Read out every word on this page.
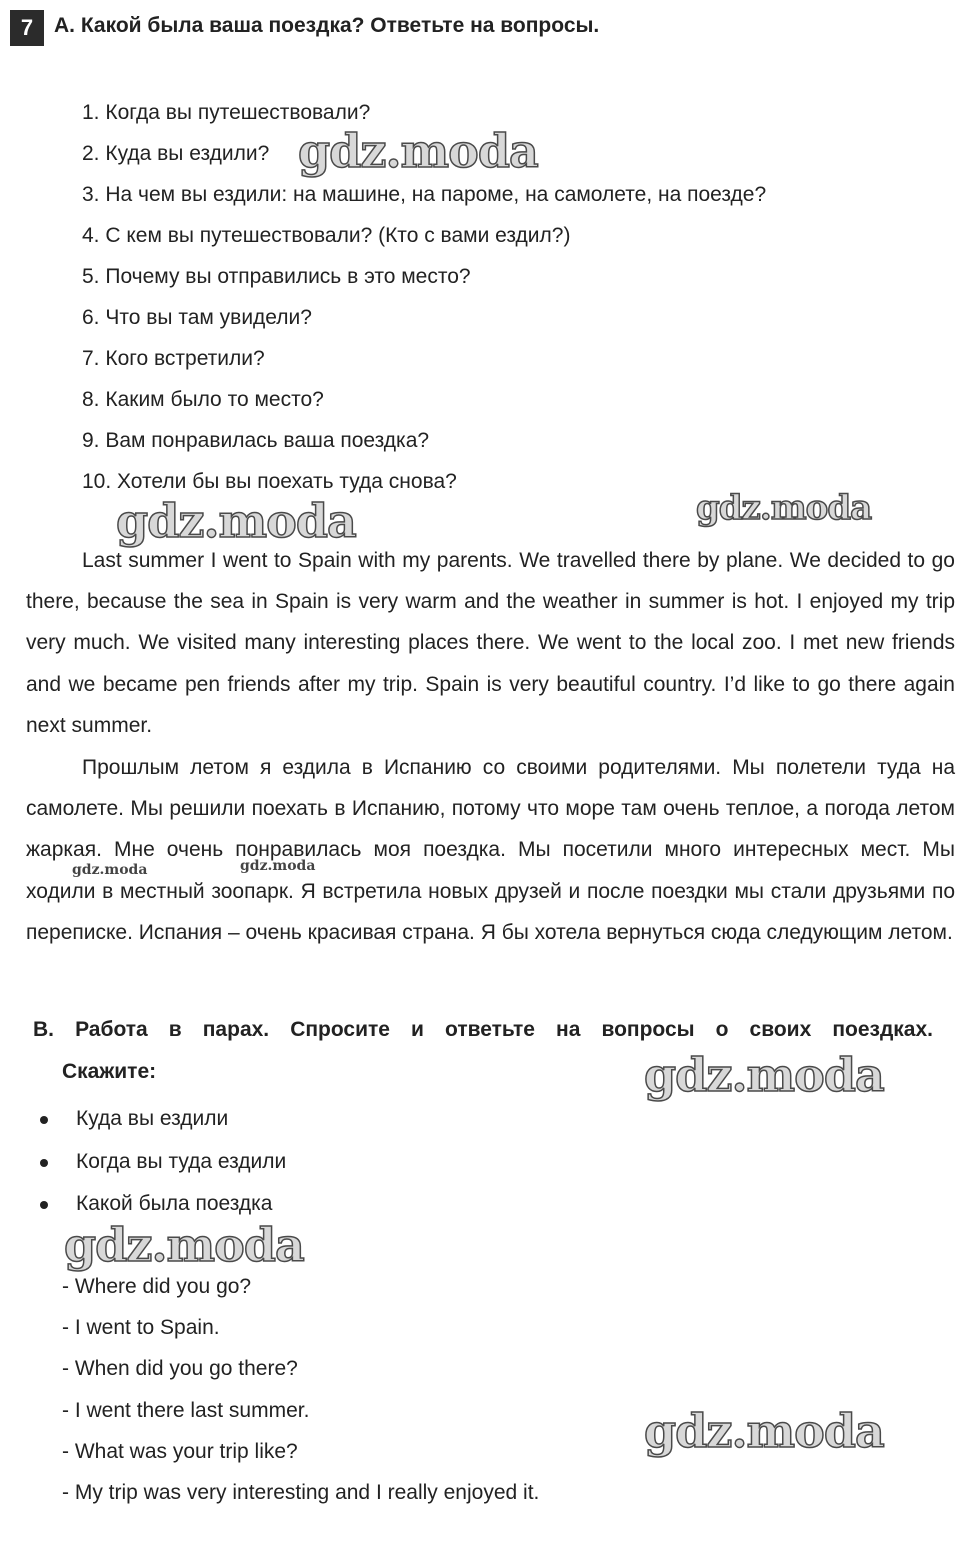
7 A. Какой была ваша поездка? Ответьте на вопросы.
1. Когда вы путешествовали?
2. Куда вы ездили?
3. На чем вы ездили: на машине, на пароме, на самолете, на поезде?
4. С кем вы путешествовали? (Кто с вами ездил?)
5. Почему вы отправились в это место?
6. Что вы там увидели?
7. Кого встретили?
8. Каким было то место?
9. Вам понравилась ваша поездка?
10. Хотели бы вы поехать туда снова?

Last summer I went to Spain with my parents. We travelled there by plane. We decided to go there, because the sea in Spain is very warm and the weather in summer is hot. I enjoyed my trip very much. We visited many interesting places there. We went to the local zoo. I met new friends and we became pen friends after my trip. Spain is very beautiful country. I’d like to go there again next summer.

Прошлым летом я ездила в Испанию со своими родителями. Мы полетели туда на самолете. Мы решили поехать в Испанию, потому что море там очень теплое, а погода летом жаркая. Мне очень понравилась моя поездка. Мы посетили много интересных мест. Мы ходили в местный зоопарк. Я встретила новых друзей и после поездки мы стали друзьями по переписке. Испания – очень красивая страна. Я бы хотела вернуться сюда следующим летом.

B. Работа в парах. Спросите и ответьте на вопросы о своих поездках.
Скажите:
Куда вы ездили
Когда вы туда ездили
Какой была поездка
- Where did you go?
- I went to Spain.
- When did you go there?
- I went there last summer.
- What was your trip like?
- My trip was very interesting and I really enjoyed it.
gdz.moda
gdz.moda	gdz.moda
gdz.moda	gdz.moda
gdz.moda
gdz.moda
gdz.moda
